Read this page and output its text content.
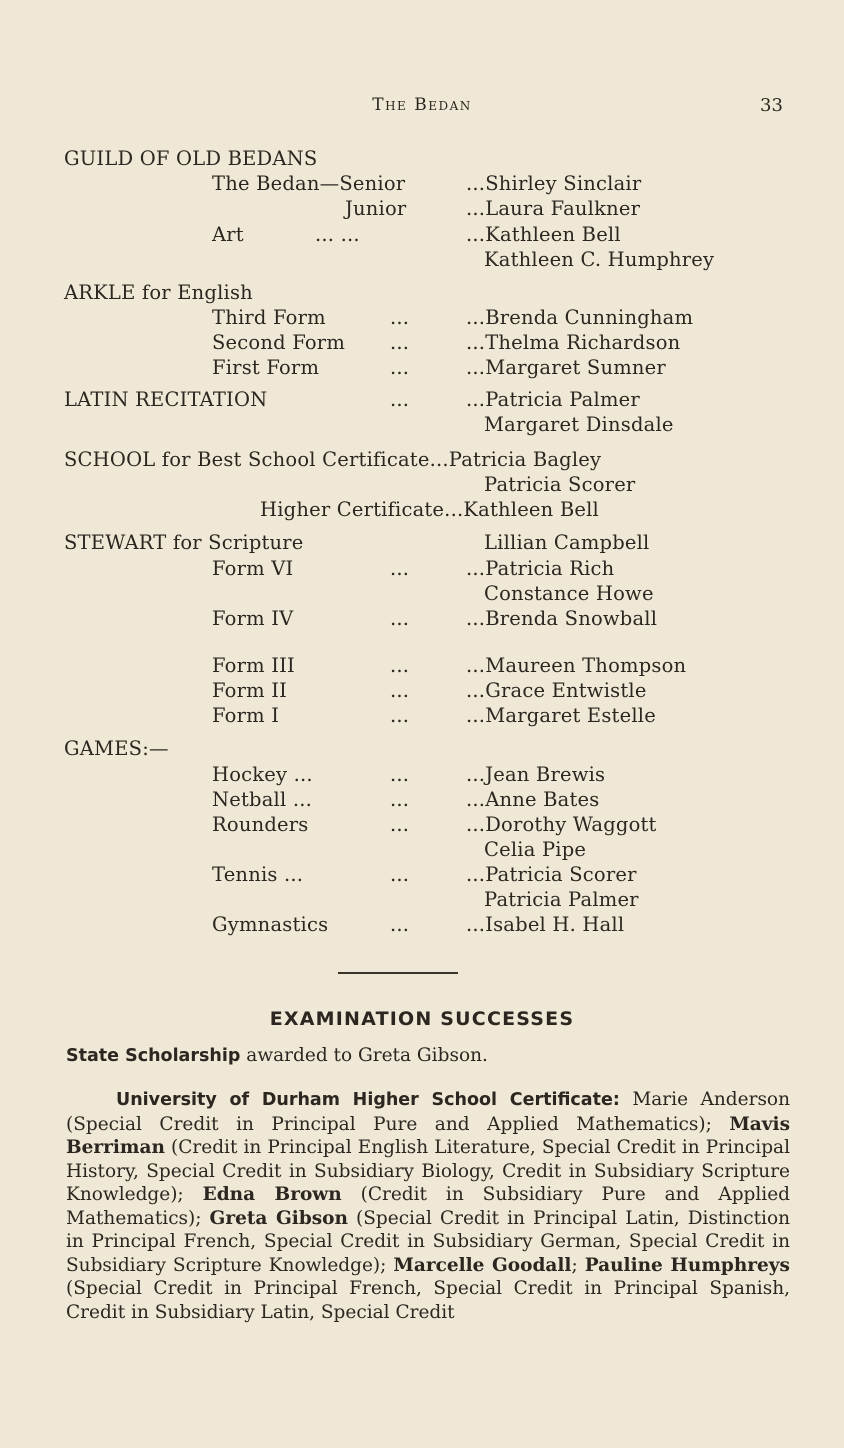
The Bedan	33
GUILD OF OLD BEDANS
The Bedan—Senior	...Shirley Sinclair
Junior	...Laura Faulkner
Art	... ...	...Kathleen Bell
Kathleen C. Humphrey
ARKLE for English
Third Form	...	...Brenda Cunningham
Second Form ...	...Thelma Richardson
First Form	...	...Margaret Sumner
LATIN RECITATION	...	...Patricia Palmer
Margaret Dinsdale
SCHOOL for Best School Certificate...Patricia Bagley
Patricia Scorer
Higher Certificate...Kathleen Bell
STEWART for Scripture	Lillian Campbell
Form VI	...	...Patricia Rich
Constance Howe
Form IV	...	...Brenda Snowball
Form III	...	...Maureen Thompson
Form II	...	...Grace Entwistle
Form I	...	...Margaret Estelle
GAMES:—
Hockey ...	...	...Jean Brewis
Netball ...	...	...Anne Bates
Rounders	...	...Dorothy Waggott
Celia Pipe
Tennis ...	...	...Patricia Scorer
Patricia Palmer
Gymnastics	...	...Isabel H. Hall
EXAMINATION SUCCESSES
State Scholarship awarded to Greta Gibson.
University of Durham Higher School Certificate: Marie Anderson (Special Credit in Principal Pure and Applied Mathematics); Mavis Berriman (Credit in Principal English Literature, Special Credit in Principal History, Special Credit in Subsidiary Biology, Credit in Subsidiary Scripture Knowledge); Edna Brown (Credit in Subsidiary Pure and Applied Mathematics); Greta Gibson (Special Credit in Principal Latin, Distinction in Principal French, Special Credit in Subsidiary German, Special Credit in Subsidiary Scripture Knowledge); Marcelle Goodall; Pauline Humphreys (Special Credit in Principal French, Special Credit in Principal Spanish, Credit in Subsidiary Latin, Special Credit
